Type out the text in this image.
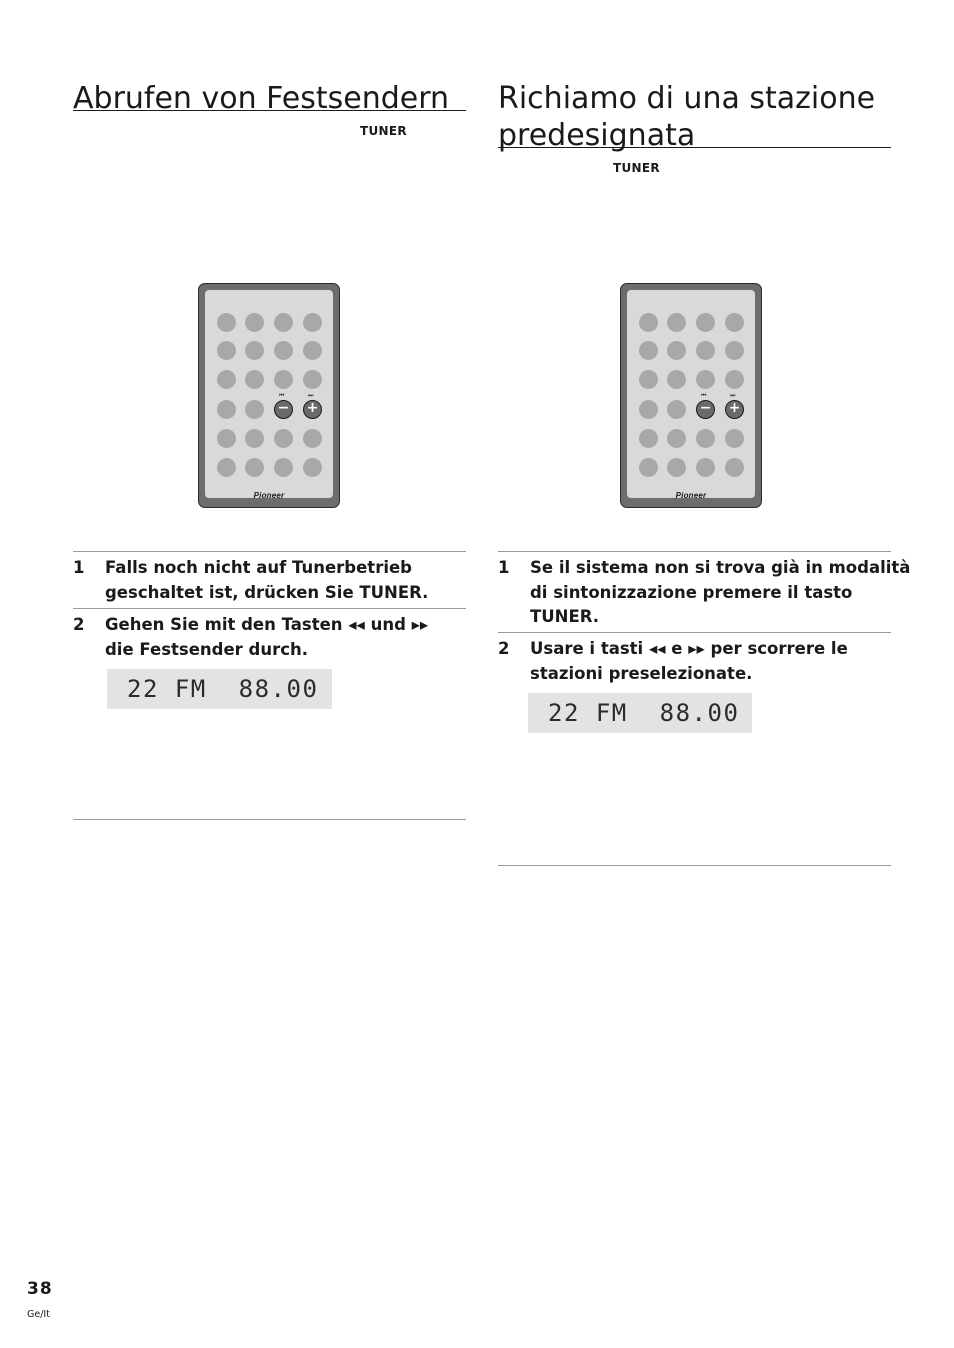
Abrufen von Festsendern
TUNER
⏮
−
⏭
+
Pioneer
1 Falls noch nicht auf Tunerbetrieb
geschaltet ist, drücken Sie TUNER.
2 Gehen Sie mit den Tasten ◂◂ und ▸▸
die Festsender durch.
22 FM  88.00
Richiamo di una stazione
predesignata
TUNER
⏮
−
⏭
+
Pioneer
1 Se il sistema non si trova già in modalità
di sintonizzazione premere il tasto
TUNER.
2 Usare i tasti ◂◂ e ▸▸ per scorrere le
stazioni preselezionate.
22 FM  88.00
38
Ge/It
